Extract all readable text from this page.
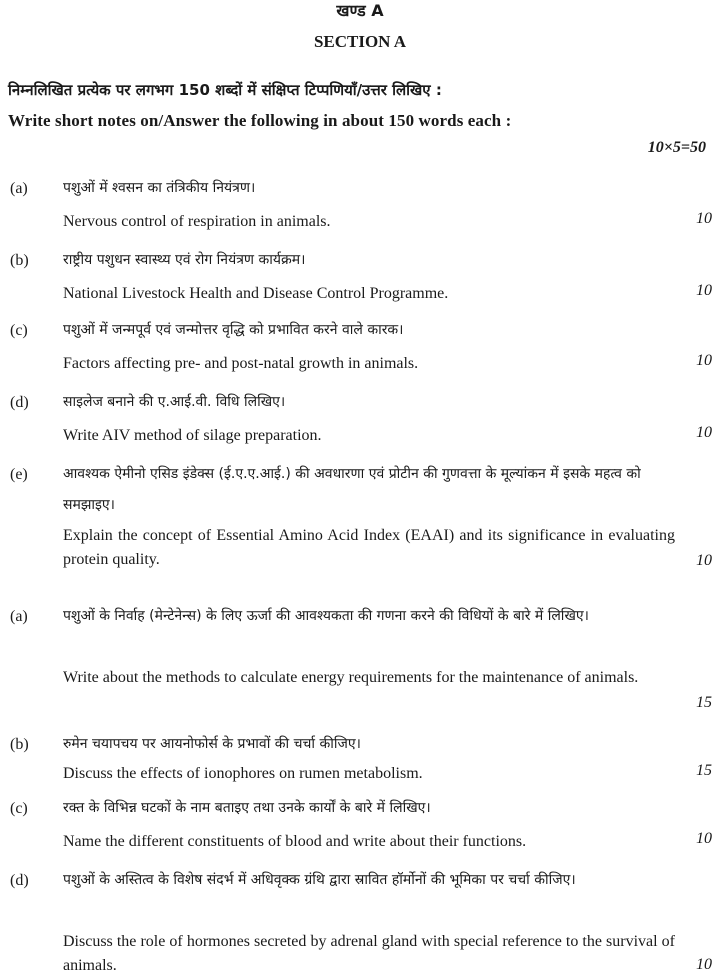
खण्ड A
SECTION A
निम्नलिखित प्रत्येक पर लगभग 150 शब्दों में संक्षिप्त टिप्पणियाँ/उत्तर लिखिए :
Write short notes on/Answer the following in about 150 words each :
10×5=50
(a)	पशुओं में श्वसन का तंत्रिकीय नियंत्रण।
Nervous control of respiration in animals.	10
(b) राष्ट्रीय पशुधन स्वास्थ्य एवं रोग नियंत्रण कार्यक्रम।
National Livestock Health and Disease Control Programme.	10
(c)	पशुओं में जन्मपूर्व एवं जन्मोत्तर वृद्धि को प्रभावित करने वाले कारक।
Factors affecting pre- and post-natal growth in animals.	10
(d) साइलेज बनाने की ए.आई.वी. विधि लिखिए।
Write AIV method of silage preparation.	10
(e)	आवश्यक ऐमीनो एसिड इंडेक्स (ई.ए.ए.आई.) की अवधारणा एवं प्रोटीन की गुणवत्ता के मूल्यांकन में इसके महत्व को समझाइए।
Explain the concept of Essential Amino Acid Index (EAAI) and its significance in evaluating protein quality.	10
(a)	पशुओं के निर्वाह (मेन्टेनेन्स) के लिए ऊर्जा की आवश्यकता की गणना करने की विधियों के बारे में लिखिए।
Write about the methods to calculate energy requirements for the maintenance of animals.
15
(b) रुमेन चयापचय पर आयनोफोर्स के प्रभावों की चर्चा कीजिए।
Discuss the effects of ionophores on rumen metabolism.	15
(c)	रक्त के विभिन्न घटकों के नाम बताइए तथा उनके कार्यों के बारे में लिखिए।
Name the different constituents of blood and write about their functions.	10
(d) पशुओं के अस्तित्व के विशेष संदर्भ में अधिवृक्क ग्रंथि द्वारा स्रावित हॉर्मोनों की भूमिका पर चर्चा कीजिए।
Discuss the role of hormones secreted by adrenal gland with special reference to the survival of animals.	10
